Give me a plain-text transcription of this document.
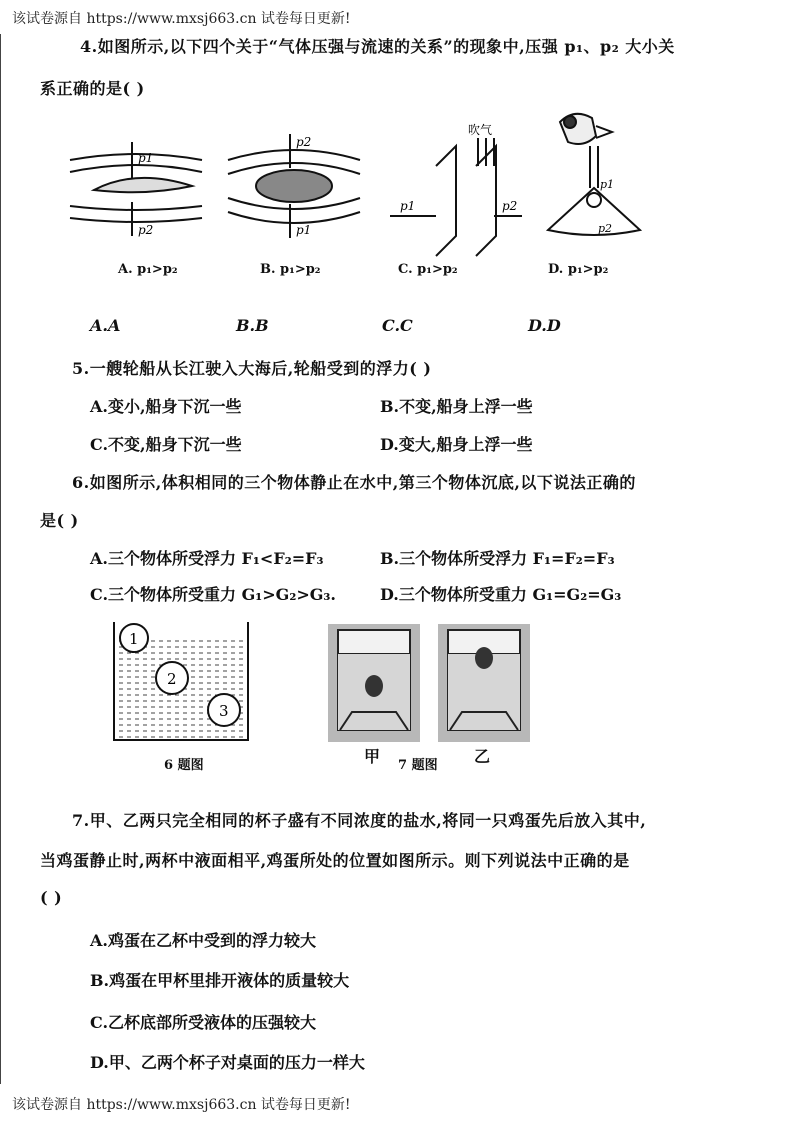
该试卷源自 https://www.mxsj663.cn 试卷每日更新!
4.如图所示,以下四个关于“气体压强与流速的关系”的现象中,压强 p₁、p₂ 大小关
系正确的是( )
p1
p2
p2
p1
吹气
p1	p2
p1
p2
A. p₁>p₂	B. p₁>p₂	C. p₁>p₂	D. p₁>p₂
A.A	B.B	C.C	D.D
5.一艘轮船从长江驶入大海后,轮船受到的浮力( )
A.变小,船身下沉一些	B.不变,船身上浮一些
C.不变,船身下沉一些	D.变大,船身上浮一些
6.如图所示,体积相同的三个物体静止在水中,第三个物体沉底,以下说法正确的
是( )
A.三个物体所受浮力 F₁<F₂=F₃	B.三个物体所受浮力 F₁=F₂=F₃
C.三个物体所受重力 G₁>G₂>G₃.	D.三个物体所受重力 G₁=G₂=G₃
1
2
3
6 题图	甲	乙
7 题图
7.甲、乙两只完全相同的杯子盛有不同浓度的盐水,将同一只鸡蛋先后放入其中,
当鸡蛋静止时,两杯中液面相平,鸡蛋所处的位置如图所示。则下列说法中正确的是
( )
A.鸡蛋在乙杯中受到的浮力较大
B.鸡蛋在甲杯里排开液体的质量较大
C.乙杯底部所受液体的压强较大
D.甲、乙两个杯子对桌面的压力一样大
该试卷源自 https://www.mxsj663.cn 试卷每日更新!
